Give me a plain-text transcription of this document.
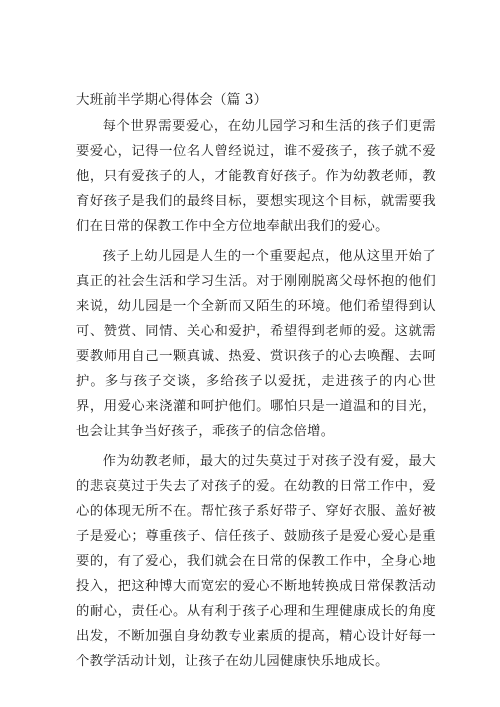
大班前半学期心得体会（篇 3）

每个世界需要爱心，在幼儿园学习和生活的孩子们更需要爱心，记得一位名人曾经说过，谁不爱孩子，孩子就不爱他，只有爱孩子的人，才能教育好孩子。作为幼教老师，教育好孩子是我们的最终目标，要想实现这个目标，就需要我们在日常的保教工作中全方位地奉献出我们的爱心。

孩子上幼儿园是人生的一个重要起点，他从这里开始了真正的社会生活和学习生活。对于刚刚脱离父母怀抱的他们来说，幼儿园是一个全新而又陌生的环境。他们希望得到认可、赞赏、同情、关心和爱护，希望得到老师的爱。这就需要教师用自己一颗真诚、热爱、赏识孩子的心去唤醒、去呵护。多与孩子交谈，多给孩子以爱抚，走进孩子的内心世界，用爱心来浇灌和呵护他们。哪怕只是一道温和的目光，也会让其争当好孩子，乖孩子的信念倍增。

作为幼教老师，最大的过失莫过于对孩子没有爱，最大的悲哀莫过于失去了对孩子的爱。在幼教的日常工作中，爱心的体现无所不在。帮忙孩子系好带子、穿好衣服、盖好被子是爱心；尊重孩子、信任孩子、鼓励孩子是爱心爱心是重要的，有了爱心，我们就会在日常的保教工作中，全身心地投入，把这种博大而宽宏的爱心不断地转换成日常保教活动的耐心，责任心。从有利于孩子心理和生理健康成长的角度出发，不断加强自身幼教专业素质的提高，精心设计好每一个教学活动计划，让孩子在幼儿园健康快乐地成长。
